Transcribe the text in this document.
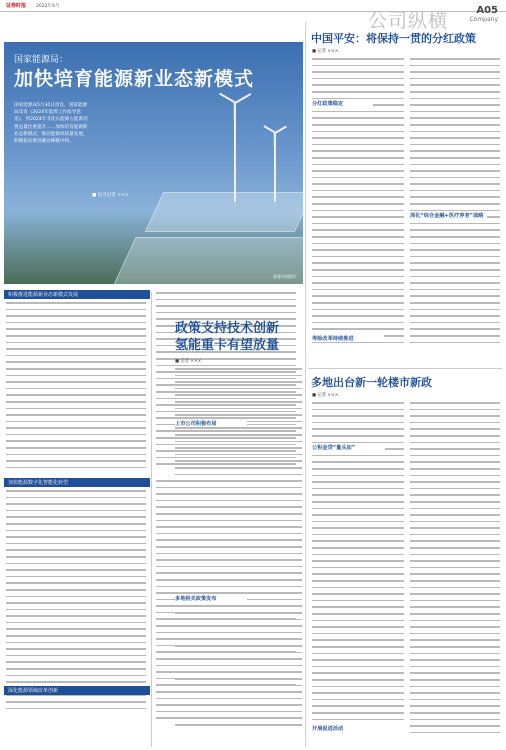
证券时报 2022年4月
公司纵横	A05
Company
国家能源局：
加快培育能源新业态新模式
国家能源局5月30日消息，国家能源局印发《2024年能源工作指导意见》，到2024年非化石能源占能源消费总量比重提升……加快培育能源新业态新模式，推动能源高质量发展，积极稳妥推进碳达峰碳中和。
■ 见习记者 ×××
视觉中国图片
积极推进能源新业态新模式发展
加快能源数字化智能化转型
深化能源领域改革创新
政策支持技术创新
氢能重卡有望放量
■ 记者 ×××
上市公司积极布局
多地相关政策发布
中国平安：将保持一贯的分红政策
■ 记者 ×××
分红政策稳定
深化“综合金融+医疗养老”战略
寿险改革持续推进
多地出台新一轮楼市新政
■ 记者 ×××
公积金贷“量头加”
开展促进活动
